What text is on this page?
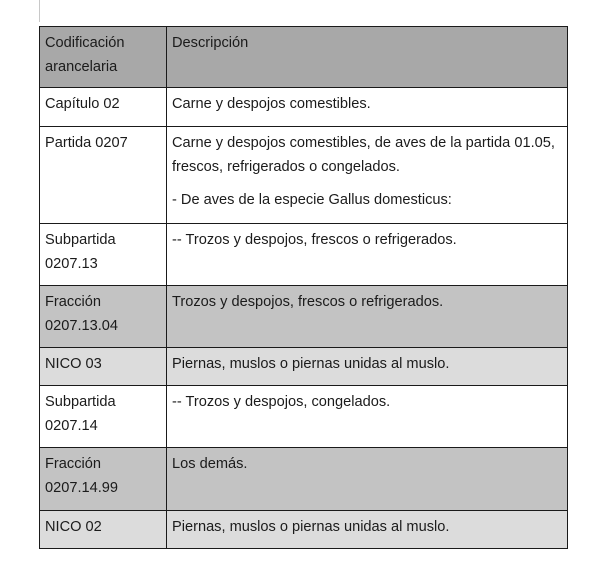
Codificación arancelaria	Descripción
Capítulo 02	Carne y despojos comestibles.
Partida 0207	Carne y despojos comestibles, de aves de la partida 01.05, frescos, refrigerados o congelados.
- De aves de la especie Gallus domesticus:

Subpartida 0207.13	-- Trozos y despojos, frescos o refrigerados.
Fracción 0207.13.04	Trozos y despojos, frescos o refrigerados.
NICO 03	Piernas, muslos o piernas unidas al muslo.
Subpartida 0207.14	-- Trozos y despojos, congelados.
Fracción 0207.14.99	Los demás.
NICO 02	Piernas, muslos o piernas unidas al muslo.
